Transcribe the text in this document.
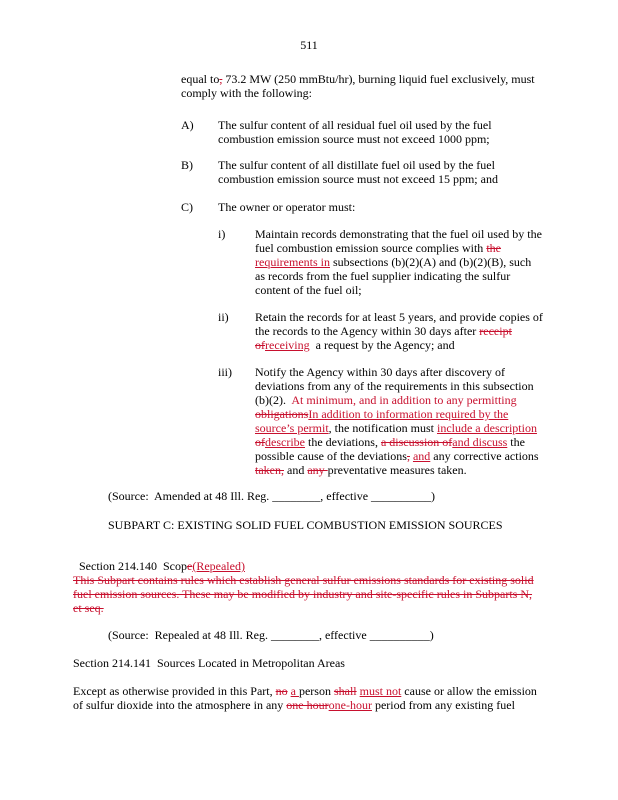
511
equal to, 73.2 MW (250 mmBtu/hr), burning liquid fuel exclusively, must
comply with the following:
A) The sulfur content of all residual fuel oil used by the fuel
combustion emission source must not exceed 1000 ppm;
B) The sulfur content of all distillate fuel oil used by the fuel
combustion emission source must not exceed 15 ppm; and
C) The owner or operator must:
i) Maintain records demonstrating that the fuel oil used by the
fuel combustion emission source complies with the
requirements in subsections (b)(2)(A) and (b)(2)(B), such
as records from the fuel supplier indicating the sulfur
content of the fuel oil;
ii) Retain the records for at least 5 years, and provide copies of
the records to the Agency within 30 days after receipt
ofreceiving  a request by the Agency; and
iii) Notify the Agency within 30 days after discovery of
deviations from any of the requirements in this subsection
(b)(2).  At minimum, and in addition to any permitting
obligationsIn addition to information required by the
source’s permit, the notification must include a description
ofdescribe the deviations, a discussion ofand discuss the
possible cause of the deviations, and any corrective actions
taken, and any preventative measures taken.
(Source:  Amended at 48 Ill. Reg. ________, effective __________)
SUBPART C: EXISTING SOLID FUEL COMBUSTION EMISSION SOURCES

Section 214.140  Scope(Repealed)

This Subpart contains rules which establish general sulfur emissions standards for existing solid
fuel emission sources. These may be modified by industry and site-specific rules in Subparts N,
et seq.
(Source:  Repealed at 48 Ill. Reg. ________, effective __________)
Section 214.141  Sources Located in Metropolitan Areas
Except as otherwise provided in this Part, no a person shall must not cause or allow the emission
of sulfur dioxide into the atmosphere in any one hourone-hour period from any existing fuel
